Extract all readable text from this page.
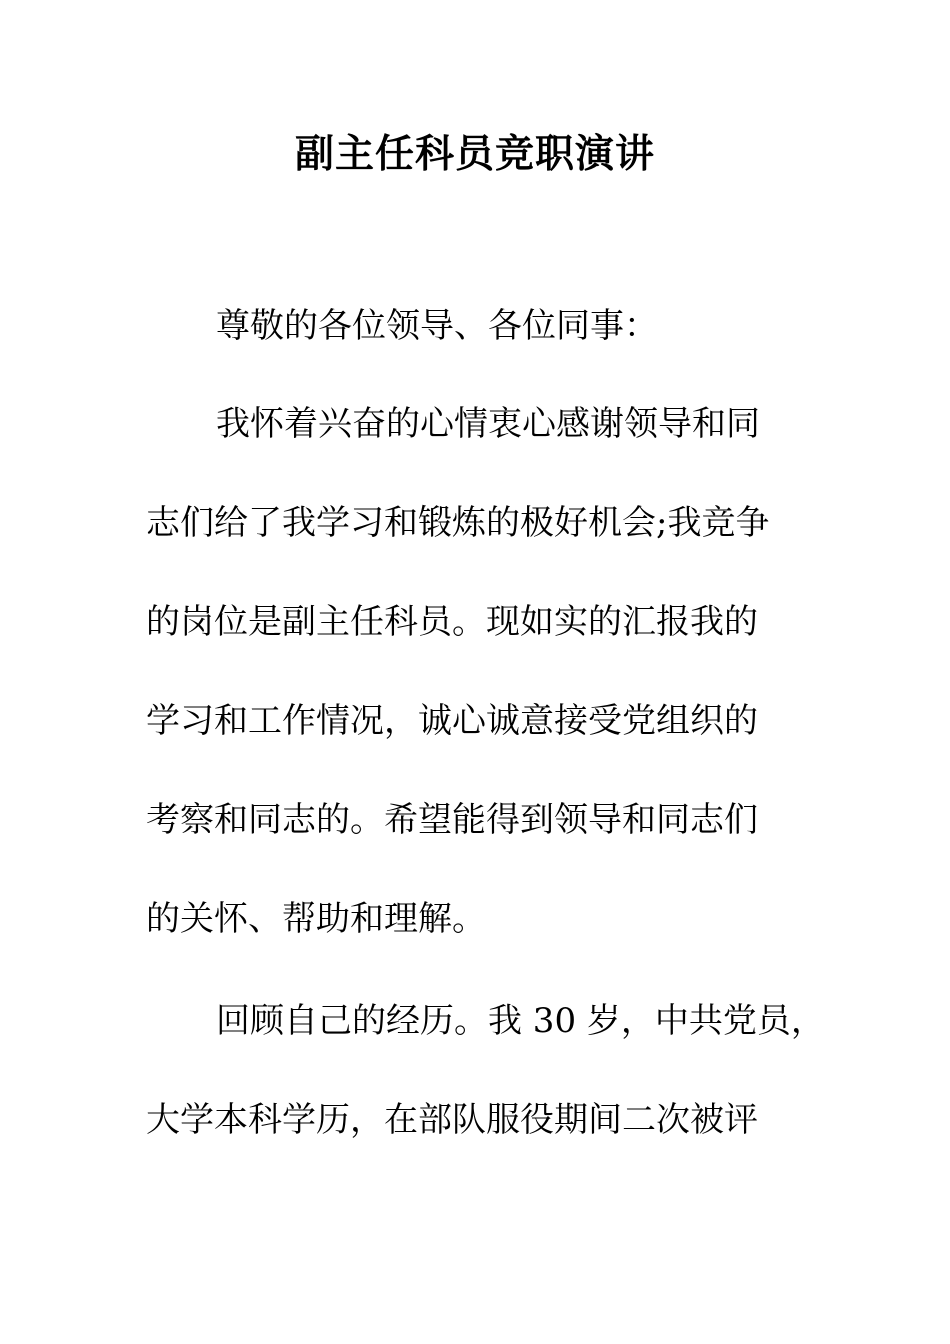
副主任科员竞职演讲

尊敬的各位领导、各位同事：

我怀着兴奋的心情衷心感谢领导和同

志们给了我学习和锻炼的极好机会;我竞争

的岗位是副主任科员。现如实的汇报我的

学习和工作情况，诚心诚意接受党组织的

考察和同志的。希望能得到领导和同志们

的关怀、帮助和理解。

回顾自己的经历。我 30 岁，中共党员，

大学本科学历，在部队服役期间二次被评
